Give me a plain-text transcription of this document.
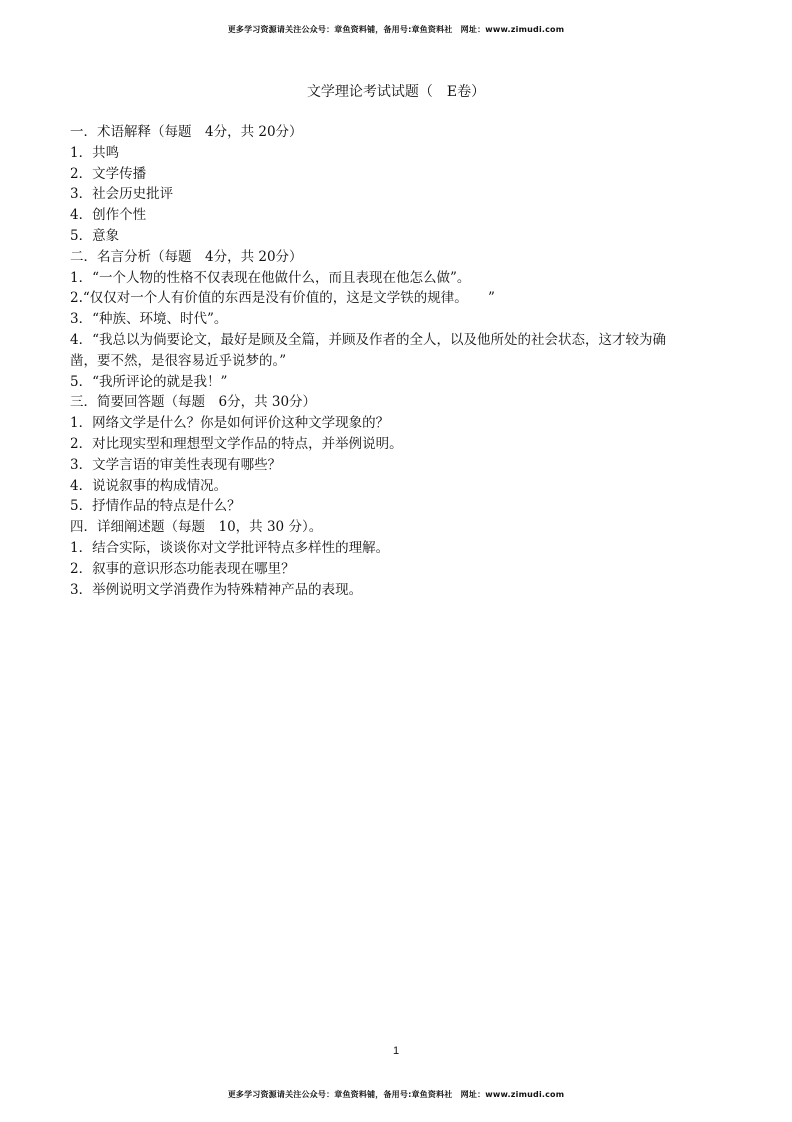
更多学习资源请关注公众号：章鱼资料铺，备用号:章鱼资料社　网址：www.zimudi.com
文学理论考试试题（　E卷）
一．术语解释（每题　4分，共 20分）
1．共鸣
2．文学传播
3．社会历史批评
4．创作个性
5．意象
二．名言分析（每题　4分，共 20分）
1．“一个人物的性格不仅表现在他做什么，而且表现在他怎么做”。
2.“仅仅对一个人有价值的东西是没有价值的，这是文学铁的规律。　　”
3．“种族、环境、时代”。
4．“我总以为倘要论文，最好是顾及全篇，并顾及作者的全人，以及他所处的社会状态，这才较为确凿，要不然，是很容易近乎说梦的。”
5．“我所评论的就是我！”
三．简要回答题（每题　6分，共 30分）
1．网络文学是什么？你是如何评价这种文学现象的？
2．对比现实型和理想型文学作品的特点，并举例说明。
3．文学言语的审美性表现有哪些？
4．说说叙事的构成情况。
5．抒情作品的特点是什么？
四．详细阐述题（每题　10，共 30 分）。
1．结合实际，谈谈你对文学批评特点多样性的理解。
2．叙事的意识形态功能表现在哪里？
3．举例说明文学消费作为特殊精神产品的表现。
1
更多学习资源请关注公众号：章鱼资料铺，备用号:章鱼资料社　网址：www.zimudi.com
